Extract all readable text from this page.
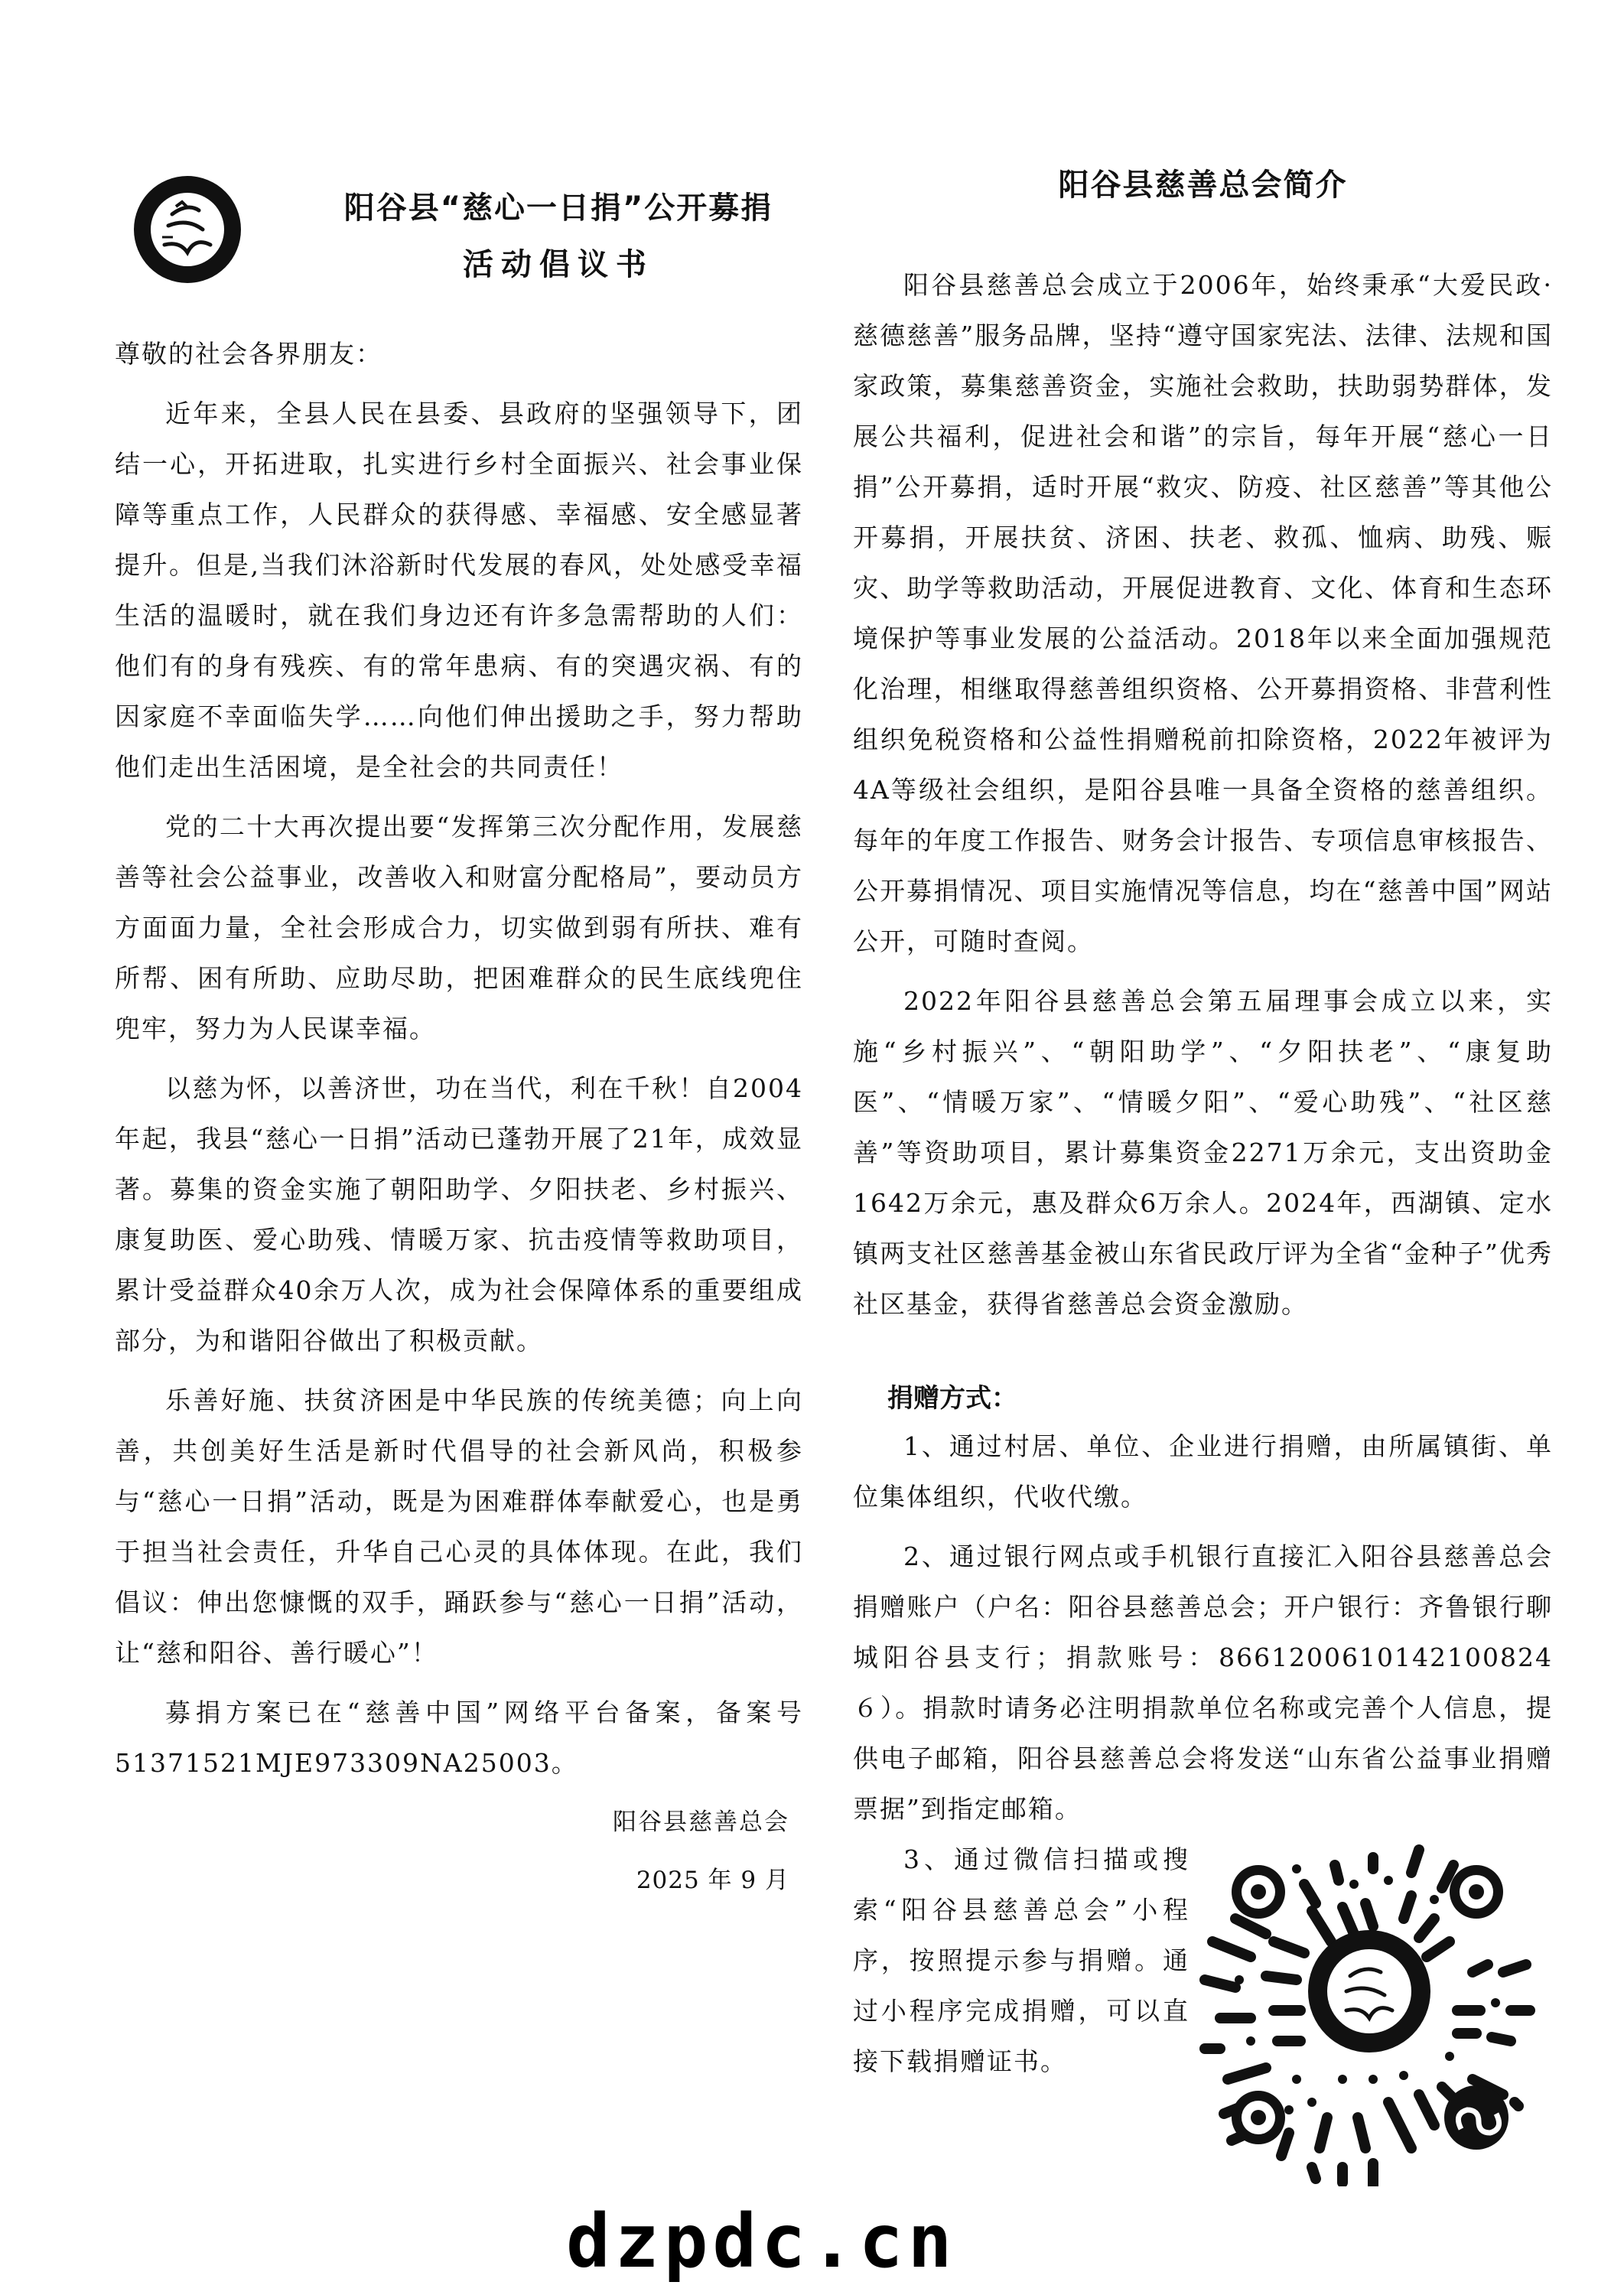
阳谷县“慈心一日捐”公开募捐
活动倡议书
尊敬的社会各界朋友：

近年来，全县人民在县委、县政府的坚强领导下，团结一心，开拓进取，扎实进行乡村全面振兴、社会事业保障等重点工作，人民群众的获得感、幸福感、安全感显著提升。但是,当我们沐浴新时代发展的春风，处处感受幸福生活的温暖时，就在我们身边还有许多急需帮助的人们：他们有的身有残疾、有的常年患病、有的突遇灾祸、有的因家庭不幸面临失学……向他们伸出援助之手，努力帮助他们走出生活困境，是全社会的共同责任！

党的二十大再次提出要“发挥第三次分配作用，发展慈善等社会公益事业，改善收入和财富分配格局”，要动员方方面面力量，全社会形成合力，切实做到弱有所扶、难有所帮、困有所助、应助尽助，把困难群众的民生底线兜住兜牢，努力为人民谋幸福。

以慈为怀，以善济世，功在当代，利在千秋！自2004年起，我县“慈心一日捐”活动已蓬勃开展了21年，成效显著。募集的资金实施了朝阳助学、夕阳扶老、乡村振兴、康复助医、爱心助残、情暖万家、抗击疫情等救助项目，累计受益群众40余万人次，成为社会保障体系的重要组成部分，为和谐阳谷做出了积极贡献。

乐善好施、扶贫济困是中华民族的传统美德；向上向善，共创美好生活是新时代倡导的社会新风尚，积极参与“慈心一日捐”活动，既是为困难群体奉献爱心，也是勇于担当社会责任，升华自己心灵的具体体现。在此，我们倡议：伸出您慷慨的双手，踊跃参与“慈心一日捐”活动，让“慈和阳谷、善行暖心”！

募捐方案已在“慈善中国”网络平台备案，备案号51371521MJE973309NA25003。

阳谷县慈善总会
2025 年 9 月
阳谷县慈善总会简介

阳谷县慈善总会成立于2006年，始终秉承“大爱民政·慈德慈善”服务品牌，坚持“遵守国家宪法、法律、法规和国家政策，募集慈善资金，实施社会救助，扶助弱势群体，发展公共福利，促进社会和谐”的宗旨，每年开展“慈心一日捐”公开募捐，适时开展“救灾、防疫、社区慈善”等其他公开募捐，开展扶贫、济困、扶老、救孤、恤病、助残、赈灾、助学等救助活动，开展促进教育、文化、体育和生态环境保护等事业发展的公益活动。2018年以来全面加强规范化治理，相继取得慈善组织资格、公开募捐资格、非营利性组织免税资格和公益性捐赠税前扣除资格，2022年被评为4A等级社会组织，是阳谷县唯一具备全资格的慈善组织。每年的年度工作报告、财务会计报告、专项信息审核报告、公开募捐情况、项目实施情况等信息，均在“慈善中国”网站公开，可随时查阅。

2022年阳谷县慈善总会第五届理事会成立以来，实施“乡村振兴”、“朝阳助学”、“夕阳扶老”、“康复助医”、“情暖万家”、“情暖夕阳”、“爱心助残”、“社区慈善”等资助项目，累计募集资金2271万余元，支出资助金1642万余元，惠及群众6万余人。2024年，西湖镇、定水镇两支社区慈善基金被山东省民政厅评为全省“金种子”优秀社区基金，获得省慈善总会资金激励。

捐赠方式：

1、通过村居、单位、企业进行捐赠，由所属镇街、单位集体组织，代收代缴。

2、通过银行网点或手机银行直接汇入阳谷县慈善总会捐赠账户（户名：阳谷县慈善总会；开户银行：齐鲁银行聊城阳谷县支行；捐款账号：8661200610142100824６）。捐款时请务必注明捐款单位名称或完善个人信息，提供电子邮箱，阳谷县慈善总会将发送“山东省公益事业捐赠票据”到指定邮箱。

3、通过微信扫描或搜索“阳谷县慈善总会”小程序，按照提示参与捐赠。通过小程序完成捐赠，可以直接下载捐赠证书。

dzpdc.cn
